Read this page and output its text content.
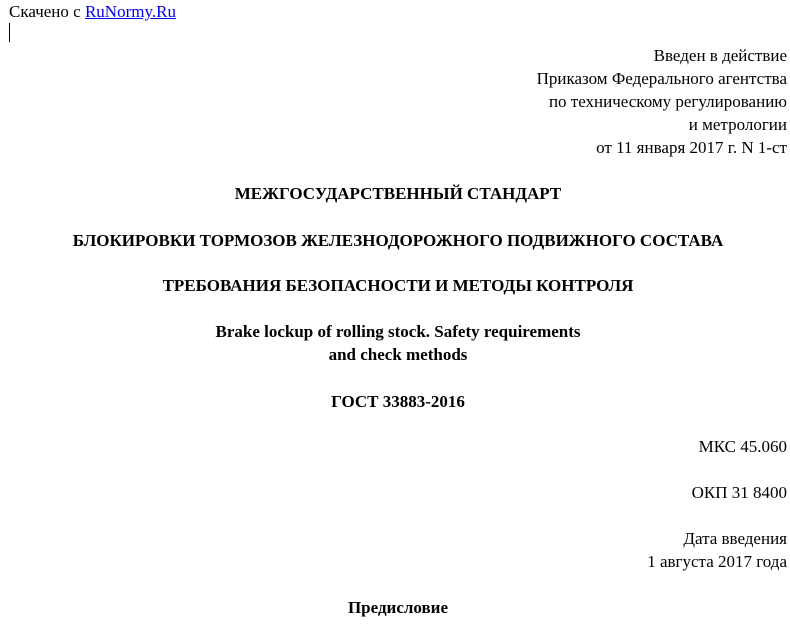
Скачено с RuNormy.Ru
Введен в действие
Приказом Федерального агентства
по техническому регулированию
и метрологии
от 11 января 2017 г. N 1-ст
МЕЖГОСУДАРСТВЕННЫЙ СТАНДАРТ
БЛОКИРОВКИ ТОРМОЗОВ ЖЕЛЕЗНОДОРОЖНОГО ПОДВИЖНОГО СОСТАВА
ТРЕБОВАНИЯ БЕЗОПАСНОСТИ И МЕТОДЫ КОНТРОЛЯ
Brake lockup of rolling stock. Safety requirements
and check methods
ГОСТ 33883-2016
МКС 45.060
ОКП 31 8400
Дата введения
1 августа 2017 года
Предисловие
